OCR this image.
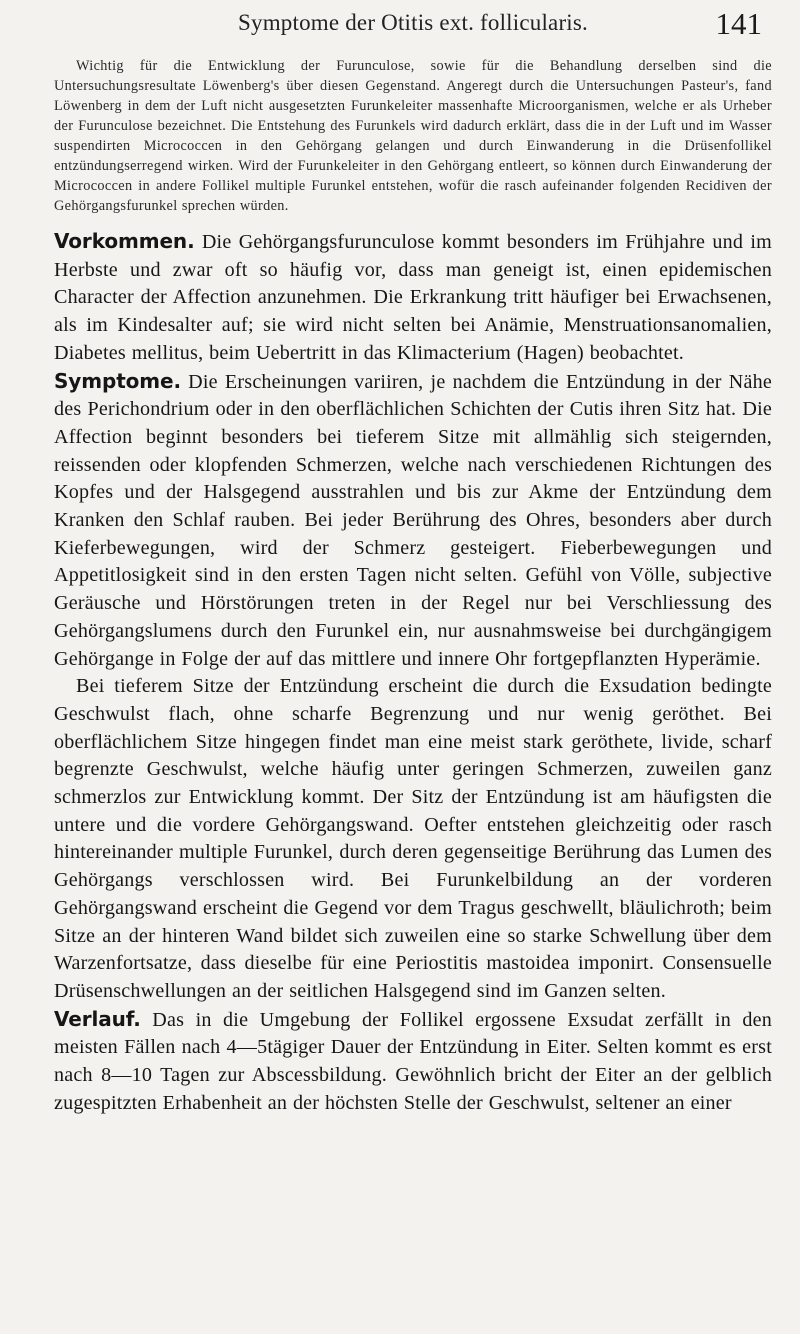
Symptome der Otitis ext. follicularis.	141

Wichtig für die Entwicklung der Furunculose, sowie für die Behandlung derselben sind die Untersuchungsresultate Löwenberg's über diesen Gegenstand. Angeregt durch die Untersuchungen Pasteur's, fand Löwenberg in dem der Luft nicht ausgesetzten Furunkeleiter massenhafte Microorganismen, welche er als Urheber der Furunculose bezeichnet. Die Entstehung des Furunkels wird dadurch erklärt, dass die in der Luft und im Wasser suspendirten Micrococcen in den Gehörgang gelangen und durch Einwanderung in die Drüsenfollikel entzündungserregend wirken. Wird der Furunkeleiter in den Gehörgang entleert, so können durch Einwanderung der Micrococcen in andere Follikel multiple Furunkel entstehen, wofür die rasch aufeinander folgenden Recidiven der Gehörgangsfurunkel sprechen würden.

Vorkommen. Die Gehörgangsfurunculose kommt besonders im Frühjahre und im Herbste und zwar oft so häufig vor, dass man geneigt ist, einen epidemischen Character der Affection anzunehmen. Die Erkrankung tritt häufiger bei Erwachsenen, als im Kindesalter auf; sie wird nicht selten bei Anämie, Menstruationsanomalien, Diabetes mellitus, beim Uebertritt in das Klimacterium (Hagen) beobachtet.

Symptome. Die Erscheinungen variiren, je nachdem die Entzündung in der Nähe des Perichondrium oder in den oberflächlichen Schichten der Cutis ihren Sitz hat. Die Affection beginnt besonders bei tieferem Sitze mit allmählig sich steigernden, reissenden oder klopfenden Schmerzen, welche nach verschiedenen Richtungen des Kopfes und der Halsgegend ausstrahlen und bis zur Akme der Entzündung dem Kranken den Schlaf rauben. Bei jeder Berührung des Ohres, besonders aber durch Kieferbewegungen, wird der Schmerz gesteigert. Fieberbewegungen und Appetitlosigkeit sind in den ersten Tagen nicht selten. Gefühl von Völle, subjective Geräusche und Hörstörungen treten in der Regel nur bei Verschliessung des Gehörgangslumens durch den Furunkel ein, nur ausnahmsweise bei durchgängigem Gehörgange in Folge der auf das mittlere und innere Ohr fortgepflanzten Hyperämie.

Bei tieferem Sitze der Entzündung erscheint die durch die Exsudation bedingte Geschwulst flach, ohne scharfe Begrenzung und nur wenig geröthet. Bei oberflächlichem Sitze hingegen findet man eine meist stark geröthete, livide, scharf begrenzte Geschwulst, welche häufig unter geringen Schmerzen, zuweilen ganz schmerzlos zur Entwicklung kommt. Der Sitz der Entzündung ist am häufigsten die untere und die vordere Gehörgangswand. Oefter entstehen gleichzeitig oder rasch hintereinander multiple Furunkel, durch deren gegenseitige Berührung das Lumen des Gehörgangs verschlossen wird. Bei Furunkelbildung an der vorderen Gehörgangswand erscheint die Gegend vor dem Tragus geschwellt, bläulichroth; beim Sitze an der hinteren Wand bildet sich zuweilen eine so starke Schwellung über dem Warzenfortsatze, dass dieselbe für eine Periostitis mastoidea imponirt. Consensuelle Drüsenschwellungen an der seitlichen Halsgegend sind im Ganzen selten.

Verlauf. Das in die Umgebung der Follikel ergossene Exsudat zerfällt in den meisten Fällen nach 4—5tägiger Dauer der Entzündung in Eiter. Selten kommt es erst nach 8—10 Tagen zur Abscessbildung. Gewöhnlich bricht der Eiter an der gelblich zugespitzten Erhabenheit an der höchsten Stelle der Geschwulst, seltener an einer
